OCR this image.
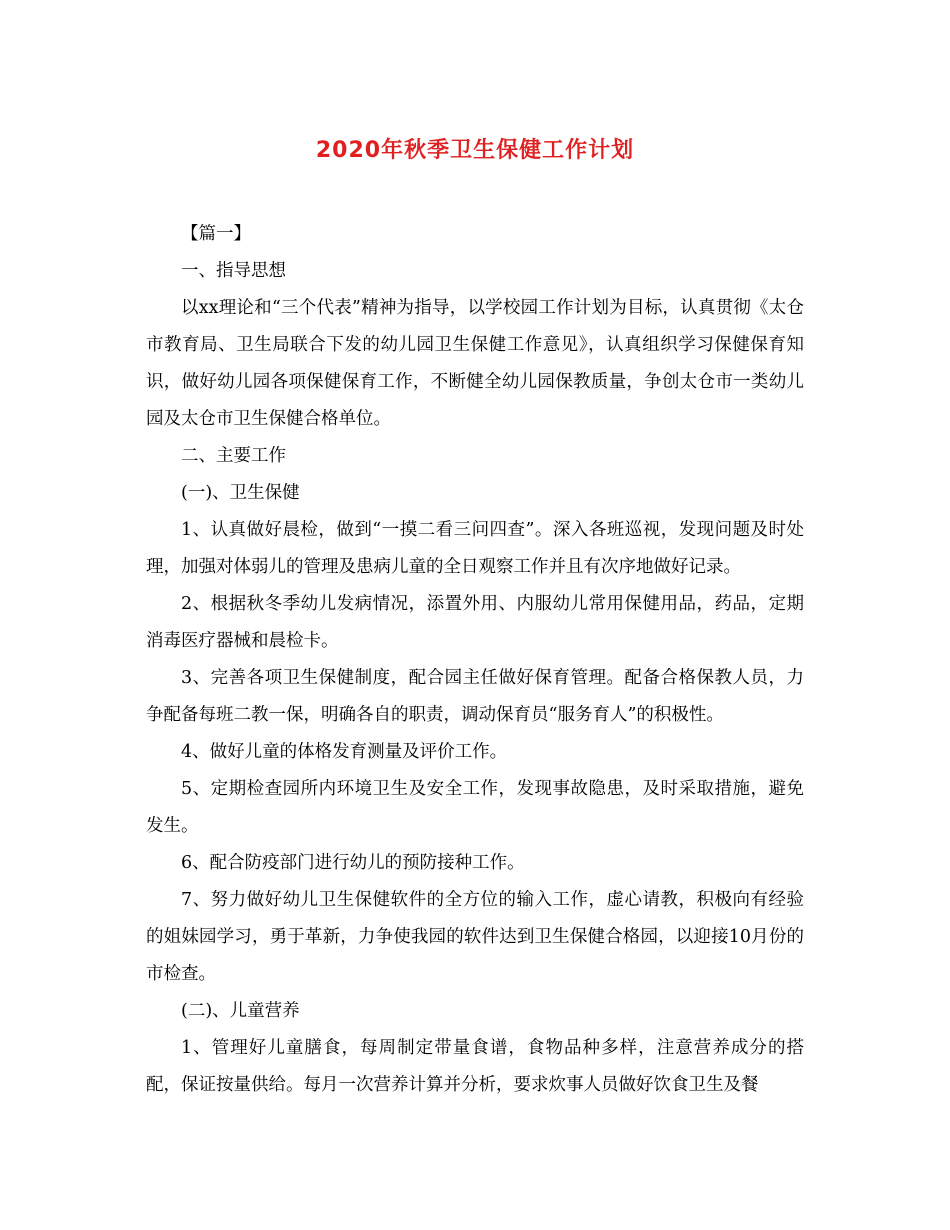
2020年秋季卫生保健工作计划

【篇一】

一、指导思想

以xx理论和“三个代表”精神为指导，以学校园工作计划为目标，认真贯彻《太仓市教育局、卫生局联合下发的幼儿园卫生保健工作意见》，认真组织学习保健保育知识，做好幼儿园各项保健保育工作，不断健全幼儿园保教质量，争创太仓市一类幼儿园及太仓市卫生保健合格单位。

二、主要工作

(一)、卫生保健

1、认真做好晨检，做到“一摸二看三问四查”。深入各班巡视，发现问题及时处理，加强对体弱儿的管理及患病儿童的全日观察工作并且有次序地做好记录。

2、根据秋冬季幼儿发病情况，添置外用、内服幼儿常用保健用品，药品，定期消毒医疗器械和晨检卡。

3、完善各项卫生保健制度，配合园主任做好保育管理。配备合格保教人员，力争配备每班二教一保，明确各自的职责，调动保育员“服务育人”的积极性。

4、做好儿童的体格发育测量及评价工作。

5、定期检查园所内环境卫生及安全工作，发现事故隐患，及时采取措施，避免发生。

6、配合防疫部门进行幼儿的预防接种工作。

7、努力做好幼儿卫生保健软件的全方位的输入工作，虚心请教，积极向有经验的姐妹园学习，勇于革新，力争使我园的软件达到卫生保健合格园，以迎接10月份的市检查。

(二)、儿童营养

1、管理好儿童膳食，每周制定带量食谱，食物品种多样，注意营养成分的搭配，保证按量供给。每月一次营养计算并分析，要求炊事人员做好饮食卫生及餐
